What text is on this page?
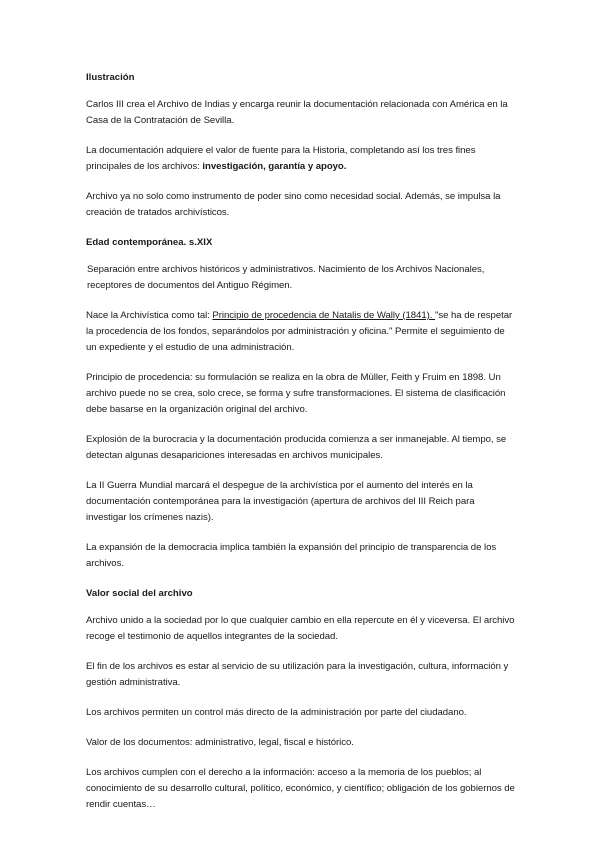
Ilustración

Carlos III crea el Archivo de Indias y encarga reunir la documentación relacionada con América en la Casa de la Contratación de Sevilla.

La documentación adquiere el valor de fuente para la Historia, completando así los tres fines principales de los archivos: investigación, garantía y apoyo.

Archivo ya no solo como instrumento de poder sino como necesidad social. Además, se impulsa la creación de tratados archivísticos.

Edad contemporánea. s.XIX

Separación entre archivos históricos y administrativos. Nacimiento de los Archivos Nacionales, receptores de documentos del Antiguo Régimen.

Nace la Archivística como tal: Principio de procedencia de Natalis de Wally (1841). "se ha de respetar la procedencia de los fondos, separándolos por administración y oficina." Permite el seguimiento de un expediente y el estudio de una administración.

Principio de procedencia: su formulación se realiza en la obra de Müller, Feith y Fruim en 1898. Un archivo puede no se crea, solo crece, se forma y sufre transformaciones. El sistema de clasificación debe basarse en la organización original del archivo.

Explosión de la burocracia y la documentación producida comienza a ser inmanejable. Al tiempo, se detectan algunas desapariciones interesadas en archivos municipales.

La II Guerra Mundial marcará el despegue de la archivística por el aumento del interés en la documentación contemporánea para la investigación (apertura de archivos del III Reich para investigar los crímenes nazis).

La expansión de la democracia implica también la expansión del principio de transparencia de los archivos.

Valor social del archivo

Archivo unido a la sociedad por lo que cualquier cambio en ella repercute en él y viceversa. El archivo recoge el testimonio de aquellos integrantes de la sociedad.

El fin de los archivos es estar al servicio de su utilización para la investigación, cultura, información y gestión administrativa.

Los archivos permiten un control más directo de la administración por parte del ciudadano.

Valor de los documentos: administrativo, legal, fiscal e histórico.

Los archivos cumplen con el derecho a la información: acceso a la memoria de los pueblos; al conocimiento de su desarrollo cultural, político, económico, y científico; obligación de los gobiernos de rendir cuentas…
